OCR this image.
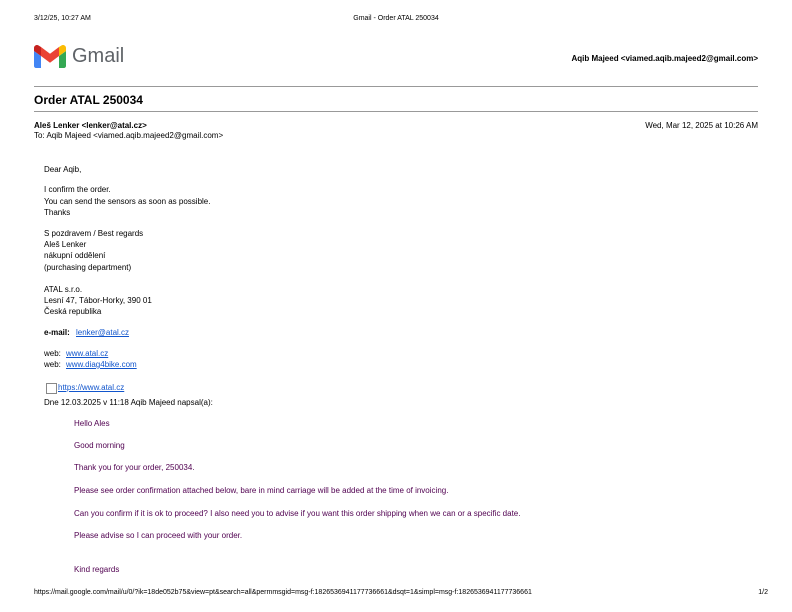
3/12/25, 10:27 AM	Gmail - Order ATAL 250034
Gmail	Aqib Majeed <viamed.aqib.majeed2@gmail.com>
Order ATAL 250034
Aleš Lenker <lenker@atal.cz>	Wed, Mar 12, 2025 at 10:26 AM
To: Aqib Majeed <viamed.aqib.majeed2@gmail.com>
Dear Aqib,
I confirm the order.
You can send the sensors as soon as possible.
Thanks
S pozdravem / Best regards
Aleš Lenker
nákupní oddělení
(purchasing department)
ATAL s.r.o.
Lesní 47, Tábor-Horky, 390 01
Česká republika
e-mail: lenker@atal.cz
web: www.atal.cz
web: www.diag4bike.com
https://www.atal.cz
Dne 12.03.2025 v 11:18 Aqib Majeed napsal(a):
Hello Ales
Good morning
Thank you for your order, 250034.
Please see order confirmation attached below, bare in mind carriage will be added at the time of invoicing.
Can you confirm if it is ok to proceed? I also need you to advise if you want this order shipping when we can or a specific date.
Please advise so I can proceed with your order.
Kind regards
https://mail.google.com/mail/u/0/?ik=18de052b75&view=pt&search=all&permmsgid=msg-f:1826536941177736661&dsqt=1&simpl=msg-f:1826536941177736661	1/2
